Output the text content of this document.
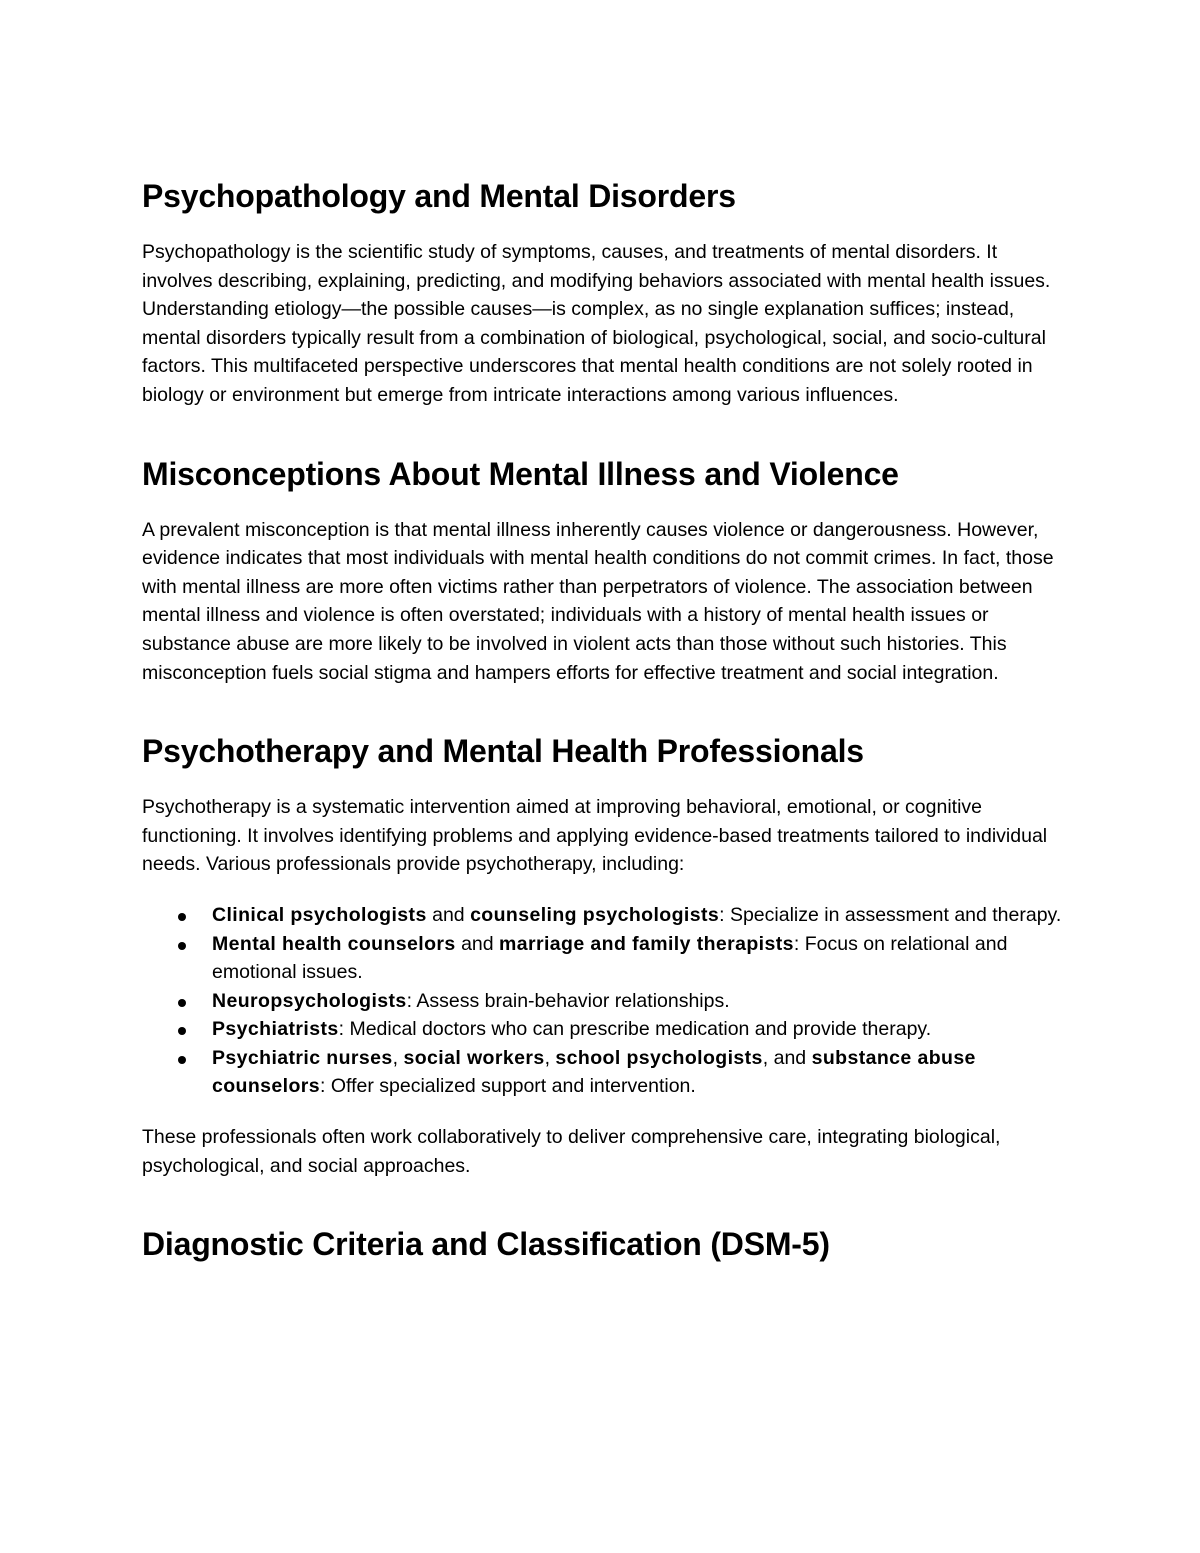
Psychopathology and Mental Disorders

Psychopathology is the scientific study of symptoms, causes, and treatments of mental disorders. It involves describing, explaining, predicting, and modifying behaviors associated with mental health issues. Understanding etiology—the possible causes—is complex, as no single explanation suffices; instead, mental disorders typically result from a combination of biological, psychological, social, and socio-cultural factors. This multifaceted perspective underscores that mental health conditions are not solely rooted in biology or environment but emerge from intricate interactions among various influences.

Misconceptions About Mental Illness and Violence

A prevalent misconception is that mental illness inherently causes violence or dangerousness. However, evidence indicates that most individuals with mental health conditions do not commit crimes. In fact, those with mental illness are more often victims rather than perpetrators of violence. The association between mental illness and violence is often overstated; individuals with a history of mental health issues or substance abuse are more likely to be involved in violent acts than those without such histories. This misconception fuels social stigma and hampers efforts for effective treatment and social integration.

Psychotherapy and Mental Health Professionals

Psychotherapy is a systematic intervention aimed at improving behavioral, emotional, or cognitive functioning. It involves identifying problems and applying evidence-based treatments tailored to individual needs. Various professionals provide psychotherapy, including:

Clinical psychologists and counseling psychologists: Specialize in assessment and therapy.
Mental health counselors and marriage and family therapists: Focus on relational and emotional issues.
Neuropsychologists: Assess brain-behavior relationships.
Psychiatrists: Medical doctors who can prescribe medication and provide therapy.
Psychiatric nurses, social workers, school psychologists, and substance abuse counselors: Offer specialized support and intervention.

These professionals often work collaboratively to deliver comprehensive care, integrating biological, psychological, and social approaches.

Diagnostic Criteria and Classification (DSM-5)
